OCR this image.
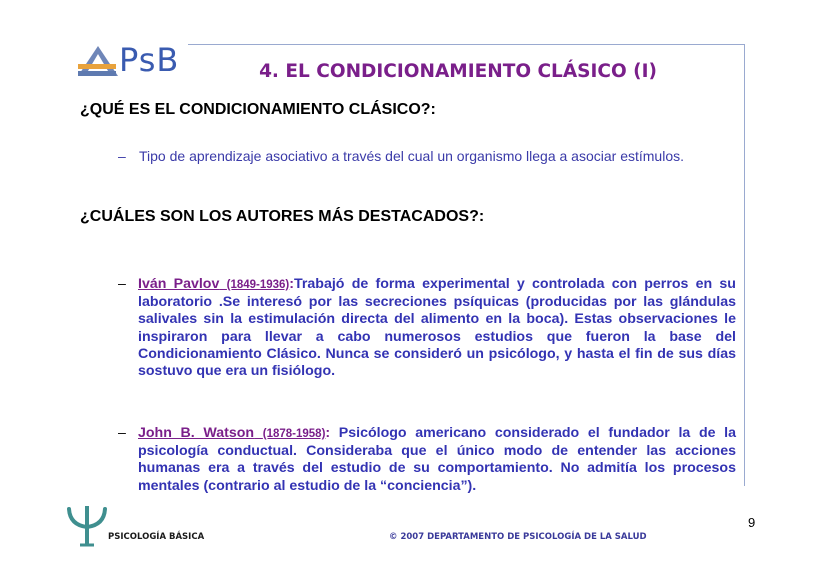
PsB	4. EL CONDICIONAMIENTO CLÁSICO (I)
¿QUÉ ES EL CONDICIONAMIENTO CLÁSICO?:
– Tipo de aprendizaje asociativo a través del cual un organismo llega a asociar estímulos.
¿CUÁLES SON LOS AUTORES MÁS DESTACADOS?:
– Iván Pavlov (1849-1936):Trabajó de forma experimental y controlada con perros en su laboratorio .Se interesó por las secreciones psíquicas (producidas por las glándulas salivales sin la estimulación directa del alimento en la boca). Estas observaciones le inspiraron para llevar a cabo numerosos estudios que fueron la base del Condicionamiento Clásico. Nunca se consideró un psicólogo, y hasta el fin de sus días sostuvo que era un fisiólogo.
– John B. Watson (1878-1958): Psicólogo americano considerado el fundador la de la psicología conductual. Consideraba que el único modo de entender las acciones humanas era a través del estudio de su comportamiento. No admitía los procesos mentales (contrario al estudio de la “conciencia”).
PSICOLOGÍA BÁSICA	© 2007 DEPARTAMENTO DE PSICOLOGÍA DE LA SALUD
9
